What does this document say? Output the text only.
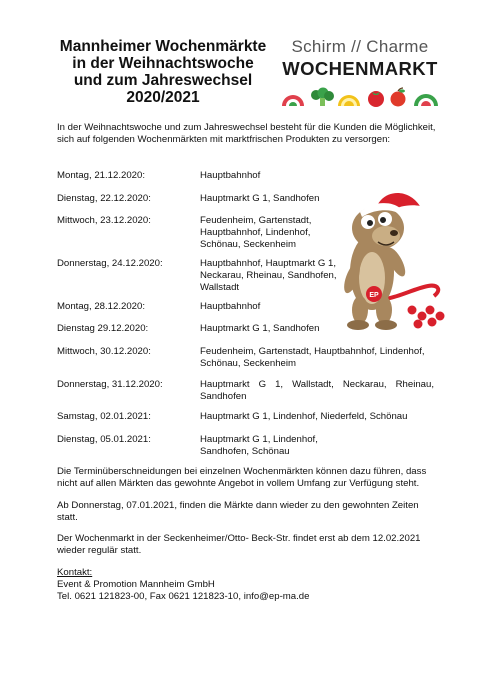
Mannheimer Wochenmärkte
in der Weihnachtswoche
und zum Jahreswechsel
2020/2021
Schirm // Charme
WOCHENMARKT
In der Weihnachtswoche und zum Jahreswechsel besteht für die Kunden die Möglichkeit, sich auf folgenden Wochenmärkten mit marktfrischen Produkten zu versorgen:
Montag, 21.12.2020:	Hauptbahnhof
Dienstag, 22.12.2020:	Hauptmarkt G 1, Sandhofen
Mittwoch, 23.12.2020:	Feudenheim, Gartenstadt, Hauptbahnhof, Lindenhof, Schönau, Seckenheim
Donnerstag, 24.12.2020:	Hauptbahnhof, Hauptmarkt G 1, Neckarau, Rheinau, Sandhofen, Wallstadt
Montag, 28.12.2020:	Hauptbahnhof
Dienstag 29.12.2020:	Hauptmarkt G 1, Sandhofen
Mittwoch, 30.12.2020:	Feudenheim, Gartenstadt, Hauptbahnhof, Lindenhof, Schönau, Seckenheim
Donnerstag, 31.12.2020:	Hauptmarkt G 1, Wallstadt, Neckarau, Rheinau, Sandhofen
Samstag, 02.01.2021:	Hauptmarkt G 1, Lindenhof, Niederfeld, Schönau
Dienstag, 05.01.2021:	Hauptmarkt G 1, Lindenhof, Sandhofen, Schönau
Die Terminüberschneidungen bei einzelnen Wochenmärkten können dazu führen, dass nicht auf allen Märkten das gewohnte Angebot in vollem Umfang zur Verfügung steht.
Ab Donnerstag, 07.01.2021, finden die Märkte dann wieder zu den gewohnten Zeiten statt.
Der Wochenmarkt in der Seckenheimer/Otto- Beck-Str. findet erst ab dem 12.02.2021 wieder regulär statt.
Kontakt:
Event & Promotion Mannheim GmbH
Tel. 0621 121823-00, Fax 0621 121823-10, info@ep-ma.de
EP
